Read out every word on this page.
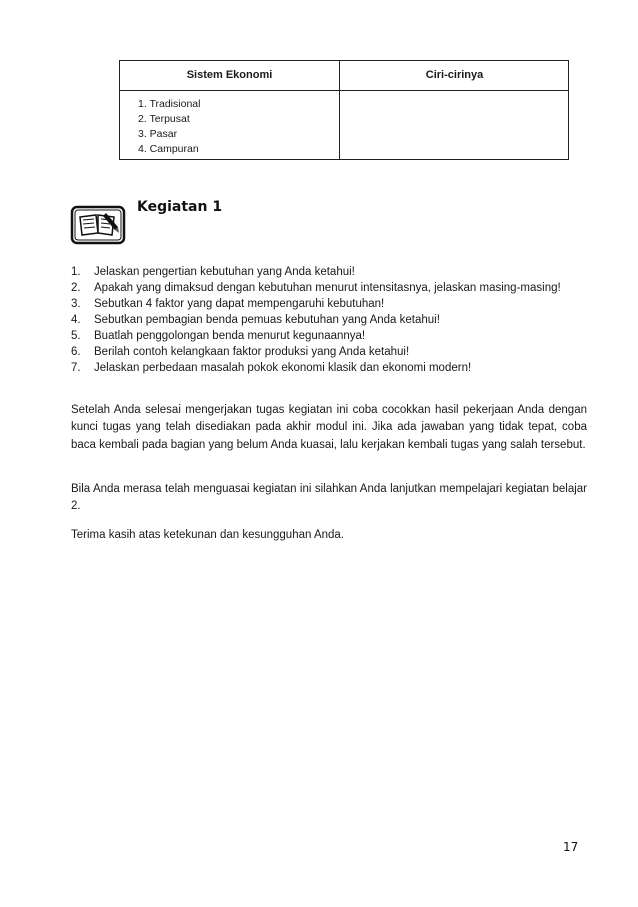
Sistem Ekonomi	Ciri-cirinya
1. Tradisional
2. Terpusat
3. Pasar
4. Campuran
Kegiatan 1
1. Jelaskan pengertian kebutuhan yang Anda ketahui!
2. Apakah yang dimaksud dengan kebutuhan menurut intensitasnya, jelaskan masing-masing!
3. Sebutkan 4 faktor yang dapat mempengaruhi kebutuhan!
4. Sebutkan pembagian benda pemuas kebutuhan yang Anda ketahui!
5. Buatlah penggolongan benda menurut kegunaannya!
6. Berilah contoh kelangkaan faktor produksi yang Anda ketahui!
7. Jelaskan perbedaan masalah pokok ekonomi klasik dan ekonomi modern!

Setelah Anda selesai mengerjakan tugas kegiatan ini coba cocokkan hasil pekerjaan Anda dengan kunci tugas yang telah disediakan pada akhir modul ini. Jika ada jawaban yang tidak tepat, coba baca kembali pada bagian yang belum Anda kuasai, lalu kerjakan kembali tugas yang salah tersebut.

Bila Anda merasa telah menguasai kegiatan ini silahkan Anda lanjutkan mempelajari kegiatan belajar 2.

Terima kasih atas ketekunan dan kesungguhan Anda.

17
